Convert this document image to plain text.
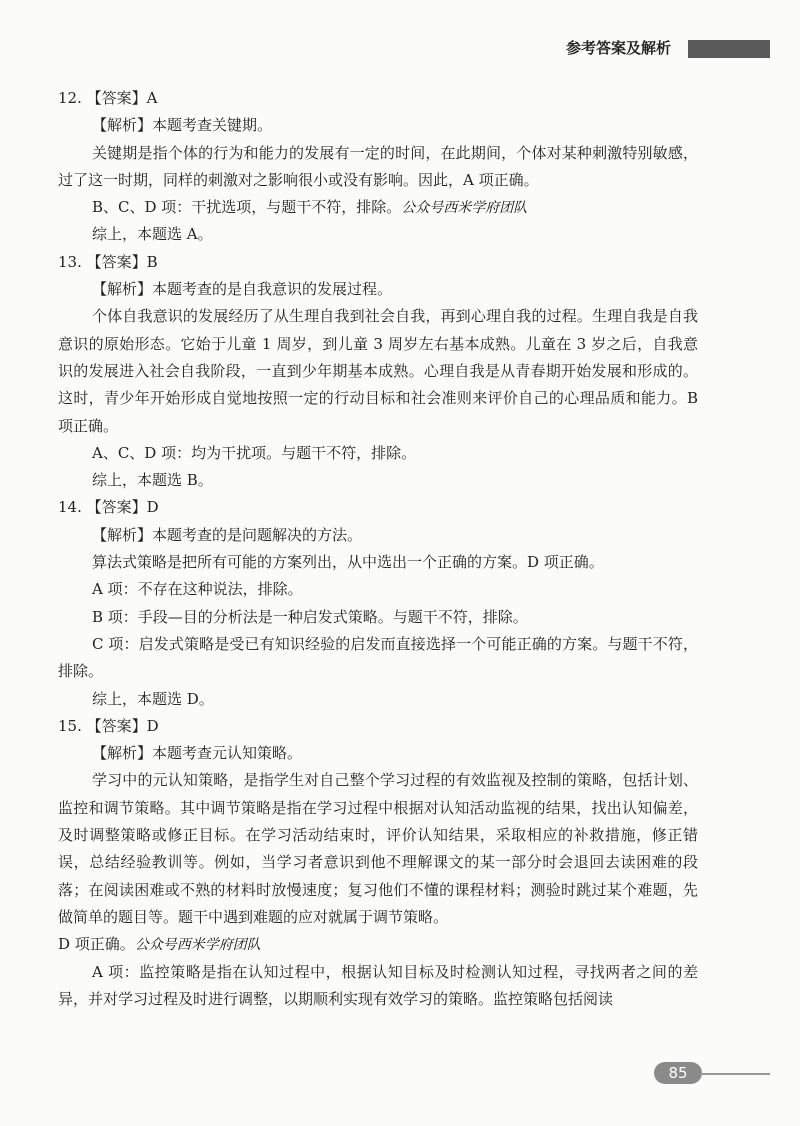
参考答案及解析
12. 【答案】A
【解析】本题考查关键期。
关键期是指个体的行为和能力的发展有一定的时间，在此期间，个体对某种刺激特别敏感，过了这一时期，同样的刺激对之影响很小或没有影响。因此，A 项正确。
B、C、D 项：干扰选项，与题干不符，排除。公众号西米学府团队
综上，本题选 A。
13. 【答案】B
【解析】本题考查的是自我意识的发展过程。
个体自我意识的发展经历了从生理自我到社会自我，再到心理自我的过程。生理自我是自我意识的原始形态。它始于儿童 1 周岁，到儿童 3 周岁左右基本成熟。儿童在 3 岁之后，自我意识的发展进入社会自我阶段，一直到少年期基本成熟。心理自我是从青春期开始发展和形成的。这时，青少年开始形成自觉地按照一定的行动目标和社会准则来评价自己的心理品质和能力。B 项正确。
A、C、D 项：均为干扰项。与题干不符，排除。
综上，本题选 B。
14. 【答案】D
【解析】本题考查的是问题解决的方法。
算法式策略是把所有可能的方案列出，从中选出一个正确的方案。D 项正确。
A 项：不存在这种说法，排除。
B 项：手段—目的分析法是一种启发式策略。与题干不符，排除。
C 项：启发式策略是受已有知识经验的启发而直接选择一个可能正确的方案。与题干不符，排除。
综上，本题选 D。
15. 【答案】D
【解析】本题考查元认知策略。
学习中的元认知策略，是指学生对自己整个学习过程的有效监视及控制的策略，包括计划、监控和调节策略。其中调节策略是指在学习过程中根据对认知活动监视的结果，找出认知偏差，及时调整策略或修正目标。在学习活动结束时，评价认知结果，采取相应的补救措施，修正错误，总结经验教训等。例如，当学习者意识到他不理解课文的某一部分时会退回去读困难的段落；在阅读困难或不熟的材料时放慢速度；复习他们不懂的课程材料；测验时跳过某个难题，先做简单的题目等。题干中遇到难题的应对就属于调节策略。
D 项正确。公众号西米学府团队
A 项：监控策略是指在认知过程中，根据认知目标及时检测认知过程，寻找两者之间的差异，并对学习过程及时进行调整，以期顺利实现有效学习的策略。监控策略包括阅读
85
